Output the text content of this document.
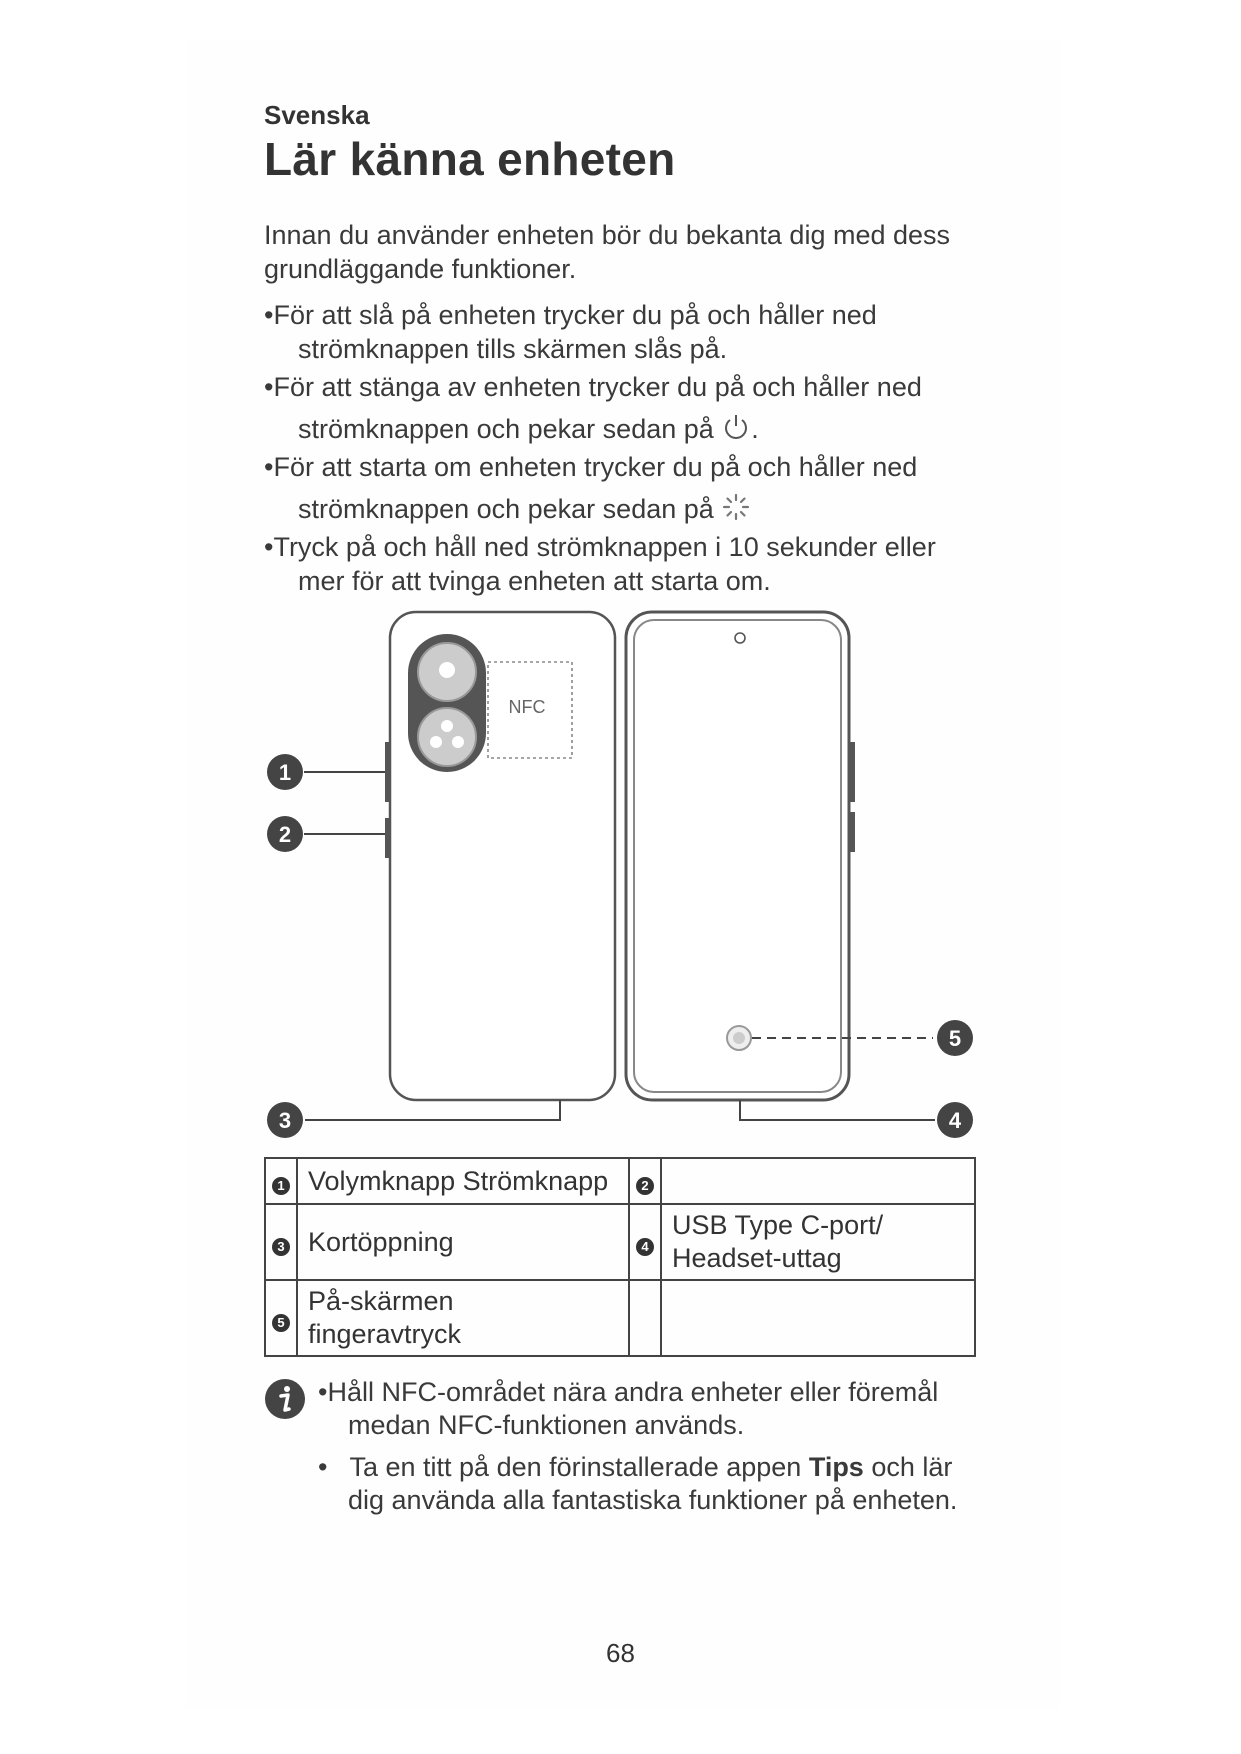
Svenska
Lär känna enheten
Innan du använder enheten bör du bekanta dig med dess grundläggande funktioner.
•För att slå på enheten trycker du på och håller ned
strömknappen tills skärmen slås på.
•För att stänga av enheten trycker du på och håller ned
strömknappen och pekar sedan på .
•För att starta om enheten trycker du på och håller ned
strömknappen och pekar sedan på
•Tryck på och håll ned strömknappen i 10 sekunder eller
mer för att tvinga enheten att starta om.
NFC
1
2
3	4
5
1	Volymknapp Strömknapp	2	
3	Kortöppning	4	USB Type C-port/
Headset-uttag

5	På-skärmen
fingeravtryck		

•Håll NFC-området nära andra enheter eller föremål
medan NFC-funktionen används.
• Ta en titt på den förinstallerade appen Tips och lär
dig använda alla fantastiska funktioner på enheten.
68
